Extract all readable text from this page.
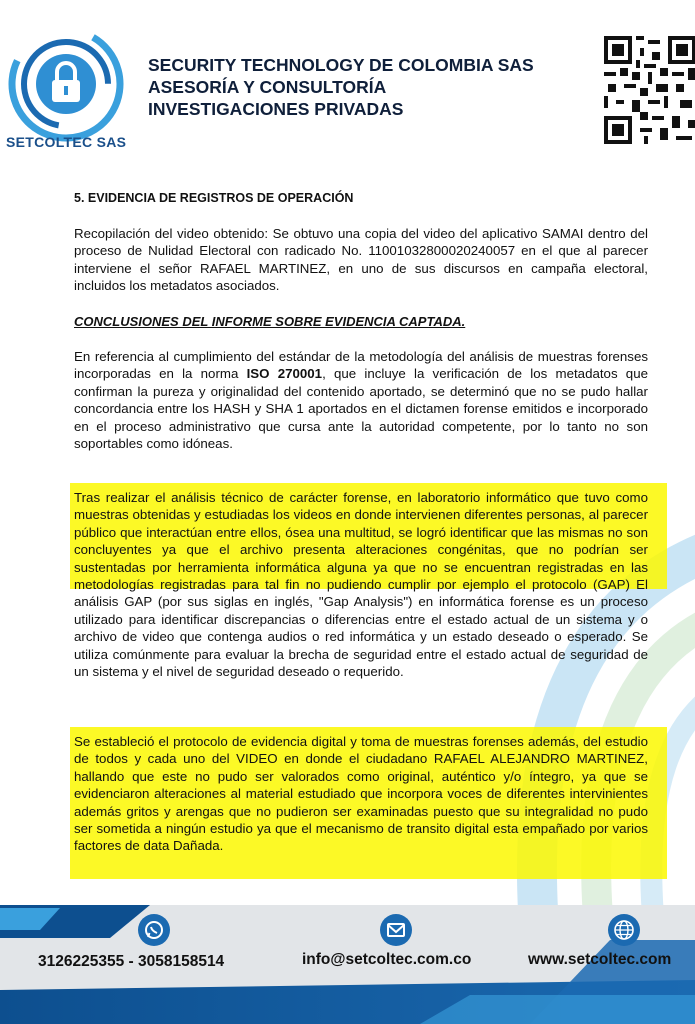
SETCOLTEC SAS
SECURITY TECHNOLOGY DE COLOMBIA SAS
ASESORÍA Y CONSULTORÍA
INVESTIGACIONES PRIVADAS
5. EVIDENCIA DE REGISTROS DE OPERACIÓN
Recopilación del video obtenido: Se obtuvo una copia del video del aplicativo SAMAI dentro del proceso de Nulidad Electoral con radicado No. 11001032800020240057 en el que al parecer interviene el señor RAFAEL MARTINEZ, en uno de sus discursos en campaña electoral, incluidos los metadatos asociados.
CONCLUSIONES DEL INFORME SOBRE EVIDENCIA CAPTADA.
En referencia al cumplimiento del estándar de la metodología del análisis de muestras forenses incorporadas en la norma ISO 270001, que incluye la verificación de los metadatos que confirman la pureza y originalidad del contenido aportado, se determinó que no se pudo hallar concordancia entre los HASH y SHA 1 aportados en el dictamen forense emitidos e incorporado en el proceso administrativo que cursa ante la autoridad competente, por lo tanto no son soportables como idóneas.
Tras realizar el análisis técnico de carácter forense, en laboratorio informático que tuvo como muestras obtenidas y estudiadas los videos en donde intervienen diferentes personas, al parecer público que interactúan entre ellos, ósea una multitud, se logró identificar que las mismas no son concluyentes ya que el archivo presenta alteraciones congénitas, que no podrían ser sustentadas por herramienta informática alguna ya que no se encuentran registradas en las metodologías registradas para tal fin no pudiendo cumplir por ejemplo el protocolo (GAP) El análisis GAP (por sus siglas en inglés, "Gap Analysis") en informática forense es un proceso utilizado para identificar discrepancias o diferencias entre el estado actual de un sistema y o archivo de video que contenga audios o red informática y un estado deseado o esperado. Se utiliza comúnmente para evaluar la brecha de seguridad entre el estado actual de seguridad de un sistema y el nivel de seguridad deseado o requerido.
Se estableció el protocolo de evidencia digital y toma de muestras forenses además, del estudio de todos y cada uno del VIDEO en donde el ciudadano RAFAEL ALEJANDRO MARTINEZ, hallando que este no pudo ser valorados como original, auténtico y/o íntegro, ya que se evidenciaron alteraciones al material estudiado que incorpora voces de diferentes intervinientes además gritos y arengas que no pudieron ser examinadas puesto que su integralidad no pudo ser sometida a ningún estudio ya que el mecanismo de transito digital esta empañado por varios factores de data Dañada.
3126225355 - 3058158514	info@setcoltec.com.co	www.setcoltec.com
